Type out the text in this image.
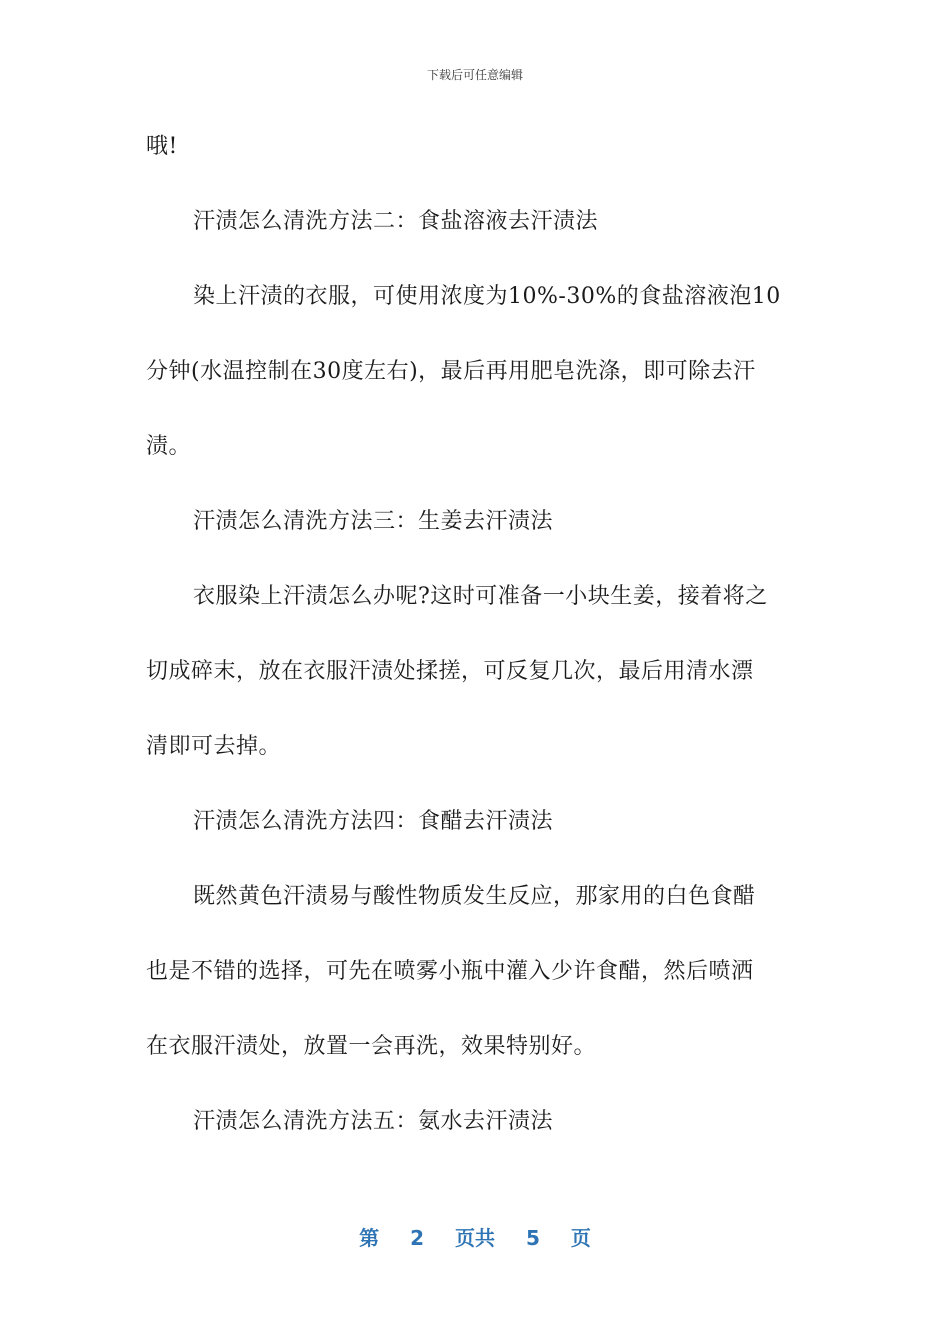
下载后可任意编辑
哦!
汗渍怎么清洗方法二：食盐溶液去汗渍法
染上汗渍的衣服，可使用浓度为10%-30%的食盐溶液泡10
分钟(水温控制在30度左右)，最后再用肥皂洗涤，即可除去汗
渍。
汗渍怎么清洗方法三：生姜去汗渍法
衣服染上汗渍怎么办呢?这时可准备一小块生姜，接着将之
切成碎末，放在衣服汗渍处揉搓，可反复几次，最后用清水漂
清即可去掉。
汗渍怎么清洗方法四：食醋去汗渍法
既然黄色汗渍易与酸性物质发生反应，那家用的白色食醋
也是不错的选择，可先在喷雾小瓶中灌入少许食醋，然后喷洒
在衣服汗渍处，放置一会再洗，效果特别好。
汗渍怎么清洗方法五：氨水去汗渍法
第 2 页共 5 页
